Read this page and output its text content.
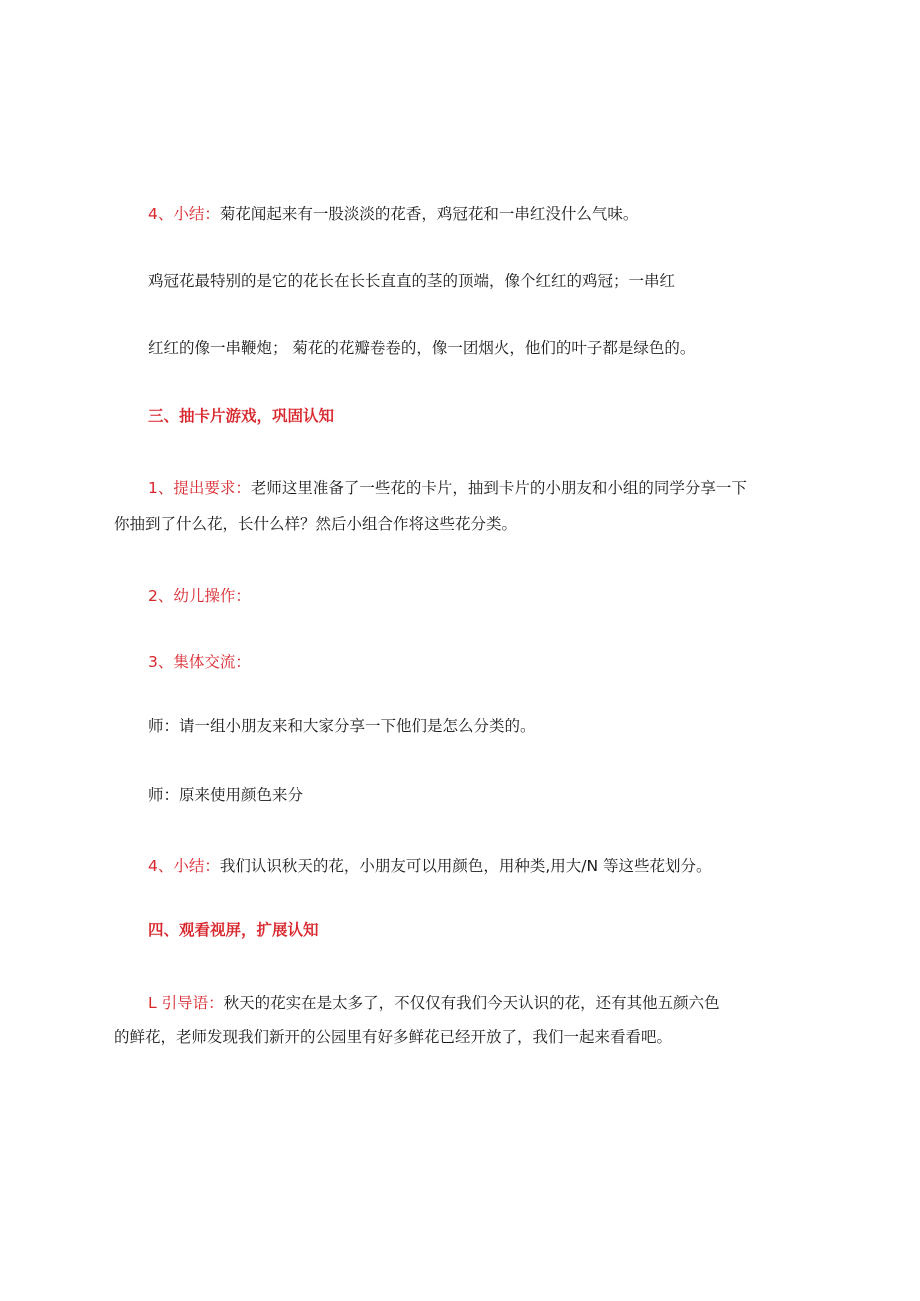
4、小结：菊花闻起来有一股淡淡的花香，鸡冠花和一串红没什么气味。

鸡冠花最特别的是它的花长在长长直直的茎的顶端，像个红红的鸡冠；一串红

红红的像一串鞭炮； 菊花的花瓣卷卷的，像一团烟火，他们的叶子都是绿色的。

三、抽卡片游戏，巩固认知

1、提出要求：老师这里准备了一些花的卡片，抽到卡片的小朋友和小组的同学分享一下

你抽到了什么花，长什么样？然后小组合作将这些花分类。

2、幼儿操作：

3、集体交流：

师：请一组小朋友来和大家分享一下他们是怎么分类的。

师：原来使用颜色来分

4、小结：我们认识秋天的花，小朋友可以用颜色，用种类,用大/N 等这些花划分。

四、观看视屏，扩展认知

L 引导语：秋天的花实在是太多了，不仅仅有我们今天认识的花，还有其他五颜六色

的鲜花，老师发现我们新开的公园里有好多鲜花已经开放了，我们一起来看看吧。
